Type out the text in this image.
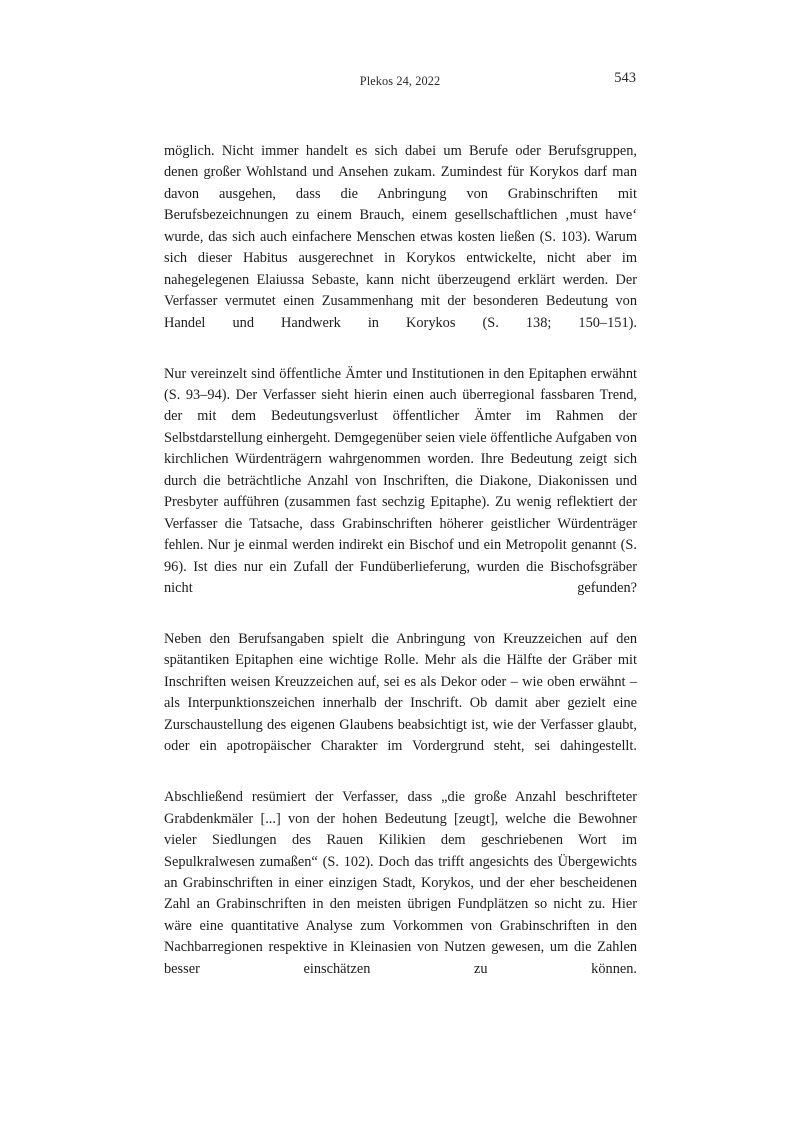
Plekos 24, 2022	543

möglich. Nicht immer handelt es sich dabei um Berufe oder Berufsgruppen, denen großer Wohlstand und Ansehen zukam. Zumindest für Korykos darf man davon ausgehen, dass die Anbringung von Grabinschriften mit Berufsbezeichnungen zu einem Brauch, einem gesellschaftlichen ‚must have‘ wurde, das sich auch einfachere Menschen etwas kosten ließen (S. 103). Warum sich dieser Habitus ausgerechnet in Korykos entwickelte, nicht aber im nahegelegenen Elaiussa Sebaste, kann nicht überzeugend erklärt werden. Der Verfasser vermutet einen Zusammenhang mit der besonderen Bedeutung von Handel und Handwerk in Korykos (S. 138; 150–151).

Nur vereinzelt sind öffentliche Ämter und Institutionen in den Epitaphen erwähnt (S. 93–94). Der Verfasser sieht hierin einen auch überregional fassbaren Trend, der mit dem Bedeutungsverlust öffentlicher Ämter im Rahmen der Selbstdarstellung einhergeht. Demgegenüber seien viele öffentliche Aufgaben von kirchlichen Würdenträgern wahrgenommen worden. Ihre Bedeutung zeigt sich durch die beträchtliche Anzahl von Inschriften, die Diakone, Diakonissen und Presbyter aufführen (zusammen fast sechzig Epitaphe). Zu wenig reflektiert der Verfasser die Tatsache, dass Grabinschriften höherer geistlicher Würdenträger fehlen. Nur je einmal werden indirekt ein Bischof und ein Metropolit genannt (S. 96). Ist dies nur ein Zufall der Fundüberlieferung, wurden die Bischofsgräber nicht gefunden?

Neben den Berufsangaben spielt die Anbringung von Kreuzzeichen auf den spätantiken Epitaphen eine wichtige Rolle. Mehr als die Hälfte der Gräber mit Inschriften weisen Kreuzzeichen auf, sei es als Dekor oder – wie oben erwähnt – als Interpunktionszeichen innerhalb der Inschrift. Ob damit aber gezielt eine Zurschaustellung des eigenen Glaubens beabsichtigt ist, wie der Verfasser glaubt, oder ein apotropäischer Charakter im Vordergrund steht, sei dahingestellt.

Abschließend resümiert der Verfasser, dass „die große Anzahl beschrifteter Grabdenkmäler [...] von der hohen Bedeutung [zeugt], welche die Bewohner vieler Siedlungen des Rauen Kilikien dem geschriebenen Wort im Sepulkralwesen zumaßen“ (S. 102). Doch das trifft angesichts des Übergewichts an Grabinschriften in einer einzigen Stadt, Korykos, und der eher bescheidenen Zahl an Grabinschriften in den meisten übrigen Fundplätzen so nicht zu. Hier wäre eine quantitative Analyse zum Vorkommen von Grabinschriften in den Nachbarregionen respektive in Kleinasien von Nutzen gewesen, um die Zahlen besser einschätzen zu können.
